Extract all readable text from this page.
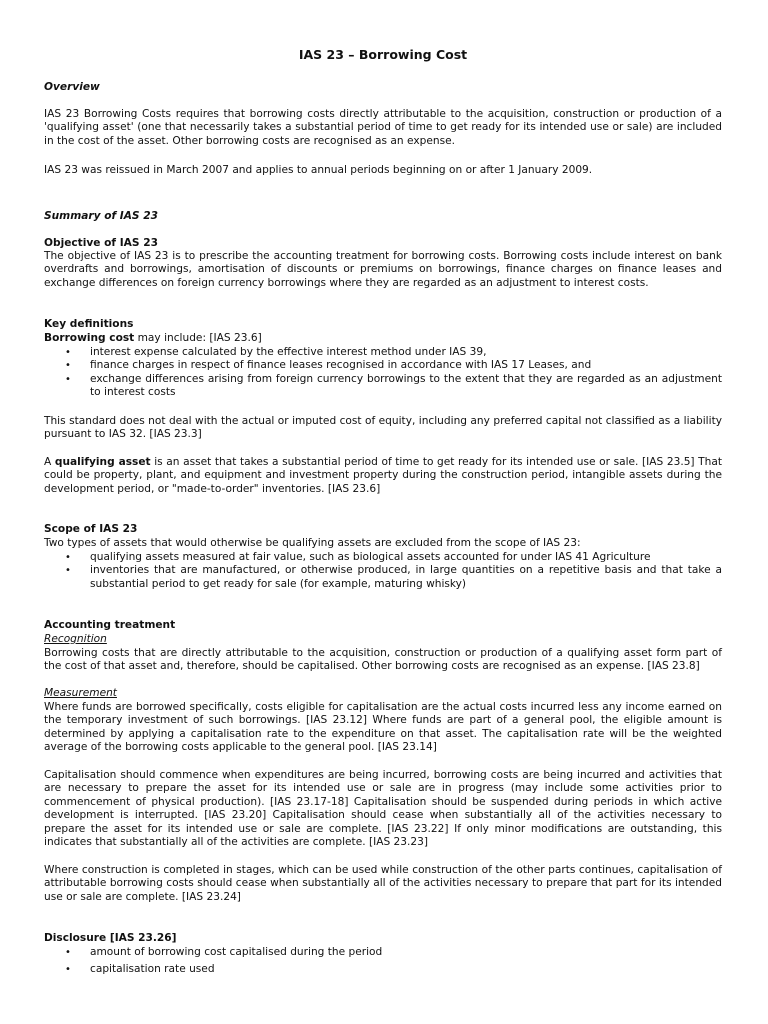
IAS 23 – Borrowing Cost
Overview
IAS 23 Borrowing Costs requires that borrowing costs directly attributable to the acquisition, construction or production of a 'qualifying asset' (one that necessarily takes a substantial period of time to get ready for its intended use or sale) are included in the cost of the asset. Other borrowing costs are recognised as an expense.
IAS 23 was reissued in March 2007 and applies to annual periods beginning on or after 1 January 2009.
Summary of IAS 23
Objective of IAS 23
The objective of IAS 23 is to prescribe the accounting treatment for borrowing costs. Borrowing costs include interest on bank overdrafts and borrowings, amortisation of discounts or premiums on borrowings, finance charges on finance leases and exchange differences on foreign currency borrowings where they are regarded as an adjustment to interest costs.
Key definitions
Borrowing cost may include: [IAS 23.6]
• interest expense calculated by the effective interest method under IAS 39,
• finance charges in respect of finance leases recognised in accordance with IAS 17 Leases, and
• exchange differences arising from foreign currency borrowings to the extent that they are regarded as an adjustment to interest costs
This standard does not deal with the actual or imputed cost of equity, including any preferred capital not classified as a liability pursuant to IAS 32. [IAS 23.3]
A qualifying asset is an asset that takes a substantial period of time to get ready for its intended use or sale. [IAS 23.5] That could be property, plant, and equipment and investment property during the construction period, intangible assets during the development period, or "made-to-order" inventories. [IAS 23.6]
Scope of IAS 23
Two types of assets that would otherwise be qualifying assets are excluded from the scope of IAS 23:
• qualifying assets measured at fair value, such as biological assets accounted for under IAS 41 Agriculture
• inventories that are manufactured, or otherwise produced, in large quantities on a repetitive basis and that take a substantial period to get ready for sale (for example, maturing whisky)
Accounting treatment
Recognition
Borrowing costs that are directly attributable to the acquisition, construction or production of a qualifying asset form part of the cost of that asset and, therefore, should be capitalised. Other borrowing costs are recognised as an expense. [IAS 23.8]
Measurement
Where funds are borrowed specifically, costs eligible for capitalisation are the actual costs incurred less any income earned on the temporary investment of such borrowings. [IAS 23.12] Where funds are part of a general pool, the eligible amount is determined by applying a capitalisation rate to the expenditure on that asset. The capitalisation rate will be the weighted average of the borrowing costs applicable to the general pool. [IAS 23.14]
Capitalisation should commence when expenditures are being incurred, borrowing costs are being incurred and activities that are necessary to prepare the asset for its intended use or sale are in progress (may include some activities prior to commencement of physical production). [IAS 23.17-18] Capitalisation should be suspended during periods in which active development is interrupted. [IAS 23.20] Capitalisation should cease when substantially all of the activities necessary to prepare the asset for its intended use or sale are complete. [IAS 23.22] If only minor modifications are outstanding, this indicates that substantially all of the activities are complete. [IAS 23.23]
Where construction is completed in stages, which can be used while construction of the other parts continues, capitalisation of attributable borrowing costs should cease when substantially all of the activities necessary to prepare that part for its intended use or sale are complete. [IAS 23.24]
Disclosure [IAS 23.26]
• amount of borrowing cost capitalised during the period
• capitalisation rate used
